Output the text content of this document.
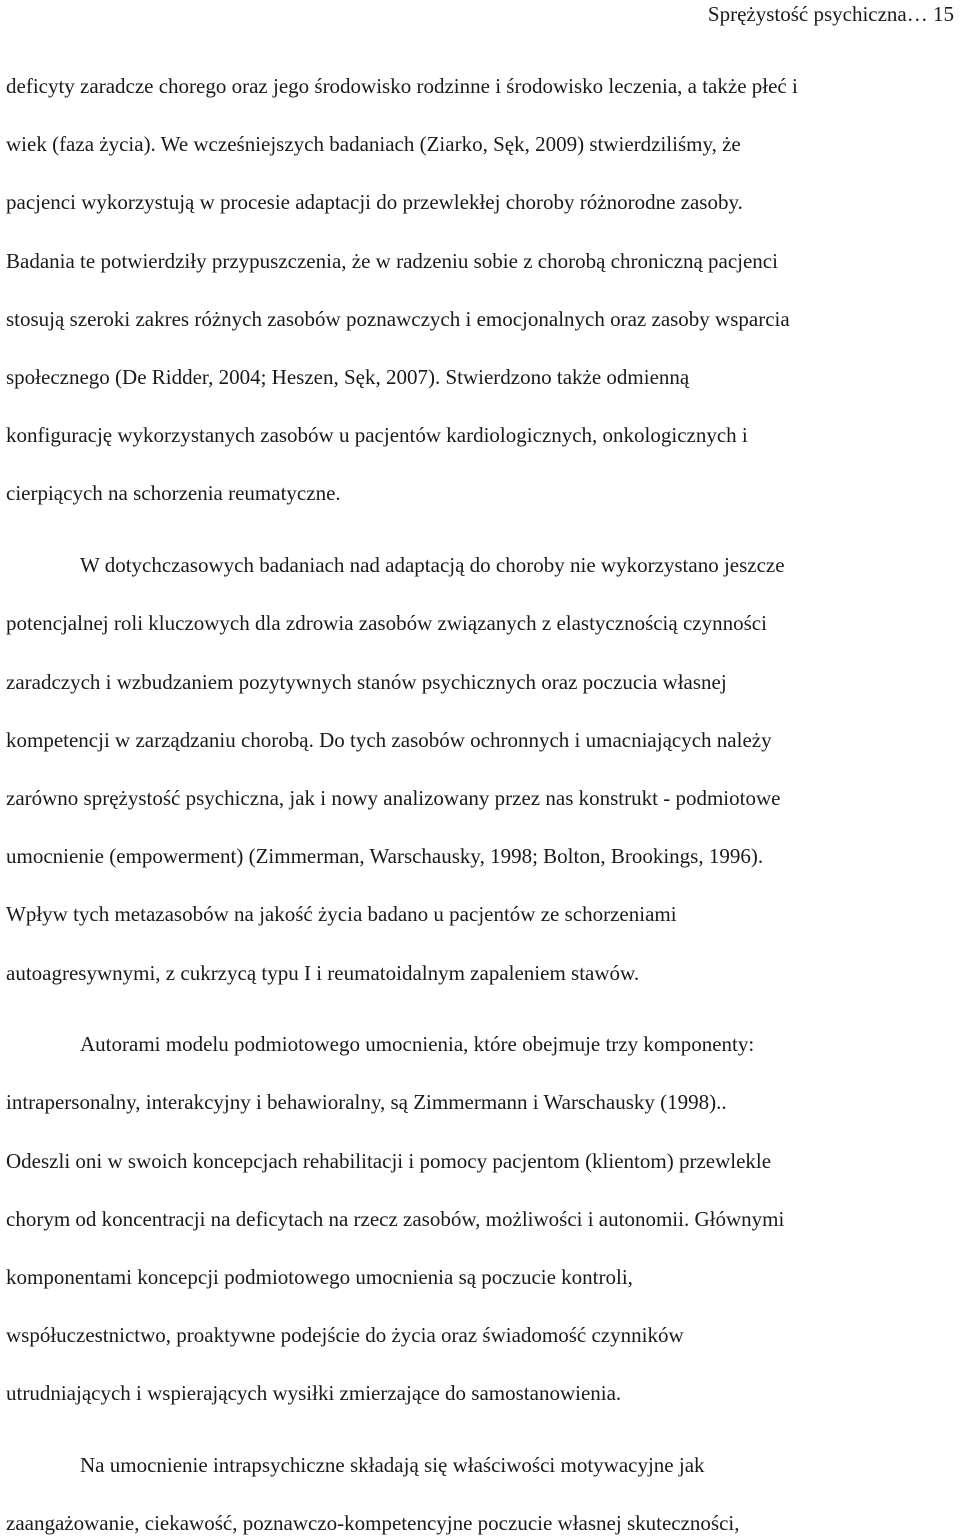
Sprężystość psychiczna… 15
deficyty zaradcze chorego oraz jego środowisko rodzinne i środowisko leczenia, a także płeć i
wiek (faza życia). We wcześniejszych badaniach (Ziarko, Sęk, 2009) stwierdziliśmy, że
pacjenci wykorzystują w procesie adaptacji do przewlekłej choroby różnorodne zasoby.
Badania te potwierdziły przypuszczenia, że w radzeniu sobie z chorobą chroniczną pacjenci
stosują szeroki zakres różnych zasobów poznawczych i emocjonalnych oraz zasoby wsparcia
społecznego (De Ridder, 2004; Heszen, Sęk, 2007). Stwierdzono także odmienną
konfigurację wykorzystanych zasobów u pacjentów kardiologicznych, onkologicznych i
cierpiących na schorzenia reumatyczne.
W dotychczasowych badaniach nad adaptacją do choroby nie wykorzystano jeszcze
potencjalnej roli kluczowych dla zdrowia zasobów związanych z elastycznością czynności
zaradczych i wzbudzaniem pozytywnych stanów psychicznych oraz poczucia własnej
kompetencji w zarządzaniu chorobą. Do tych zasobów ochronnych i umacniających należy
zarówno sprężystość psychiczna, jak i nowy analizowany przez nas konstrukt - podmiotowe
umocnienie (empowerment) (Zimmerman, Warschausky, 1998; Bolton, Brookings, 1996).
Wpływ tych metazasobów na jakość życia badano u pacjentów ze schorzeniami
autoagresywnymi, z cukrzycą typu I i reumatoidalnym zapaleniem stawów.
Autorami modelu podmiotowego umocnienia, które obejmuje trzy komponenty:
intrapersonalny, interakcyjny i behawioralny, są Zimmermann i Warschausky (1998)..
Odeszli oni w swoich koncepcjach rehabilitacji i pomocy pacjentom (klientom) przewlekle
chorym od koncentracji na deficytach na rzecz zasobów, możliwości i autonomii. Głównymi
komponentami koncepcji podmiotowego umocnienia są poczucie kontroli,
współuczestnictwo, proaktywne podejście do życia oraz świadomość czynników
utrudniających i wspierających wysiłki zmierzające do samostanowienia.
Na umocnienie intrapsychiczne składają się właściwości motywacyjne jak
zaangażowanie, ciekawość, poznawczo-kompetencyjne poczucie własnej skuteczności,
